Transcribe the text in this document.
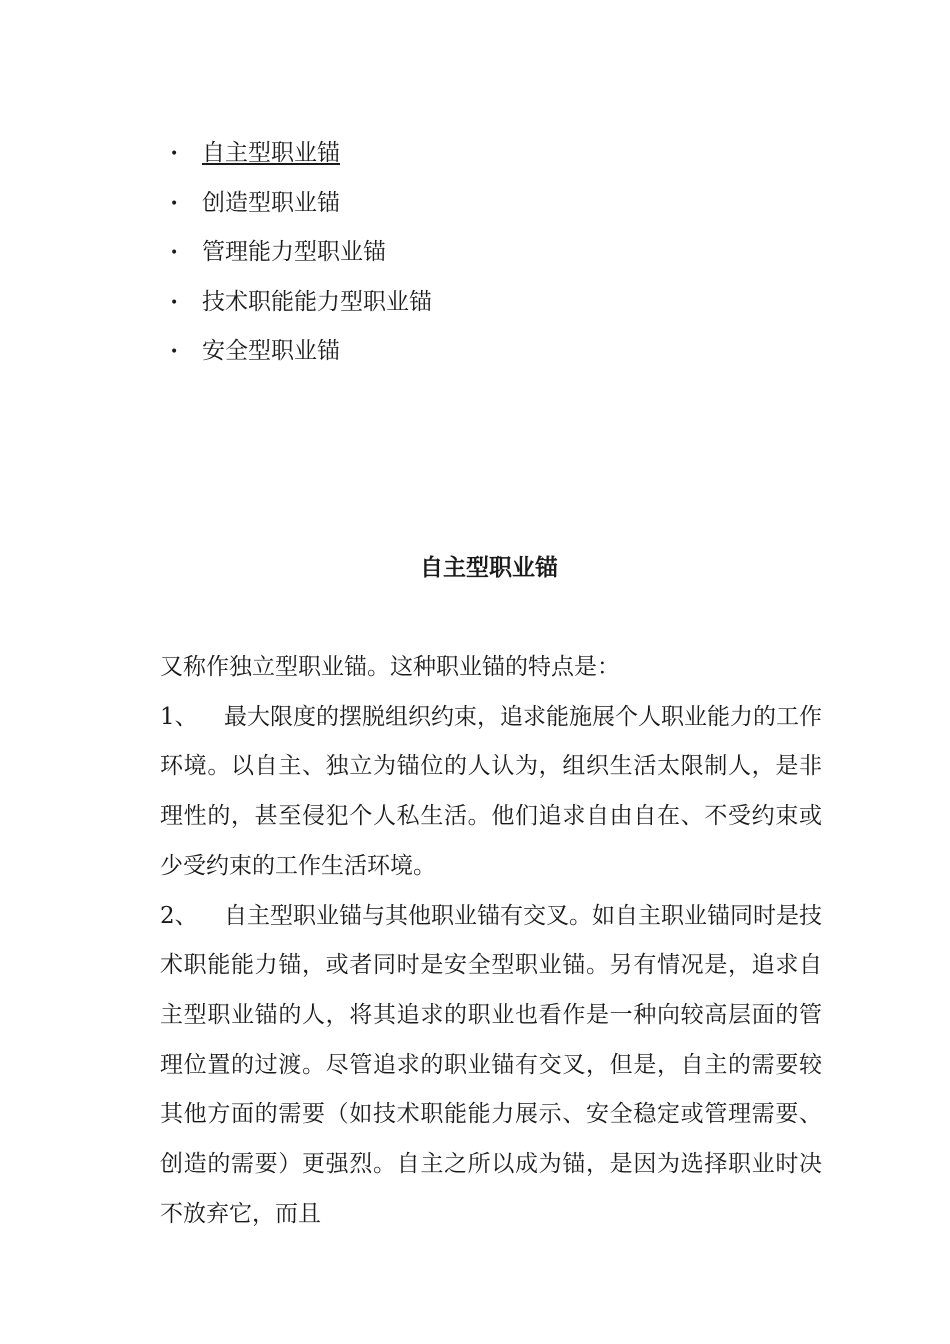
• 自主型职业锚
• 创造型职业锚
• 管理能力型职业锚
• 技术职能能力型职业锚
• 安全型职业锚
自主型职业锚

又称作独立型职业锚。这种职业锚的特点是：

1、 最大限度的摆脱组织约束，追求能施展个人职业能力的工作环境。以自主、独立为锚位的人认为，组织生活太限制人，是非理性的，甚至侵犯个人私生活。他们追求自由自在、不受约束或少受约束的工作生活环境。

2、 自主型职业锚与其他职业锚有交叉。如自主职业锚同时是技术职能能力锚，或者同时是安全型职业锚。另有情况是，追求自主型职业锚的人，将其追求的职业也看作是一种向较高层面的管理位置的过渡。尽管追求的职业锚有交叉，但是，自主的需要较其他方面的需要（如技术职能能力展示、安全稳定或管理需要、创造的需要）更强烈。自主之所以成为锚，是因为选择职业时决不放弃它，而且
